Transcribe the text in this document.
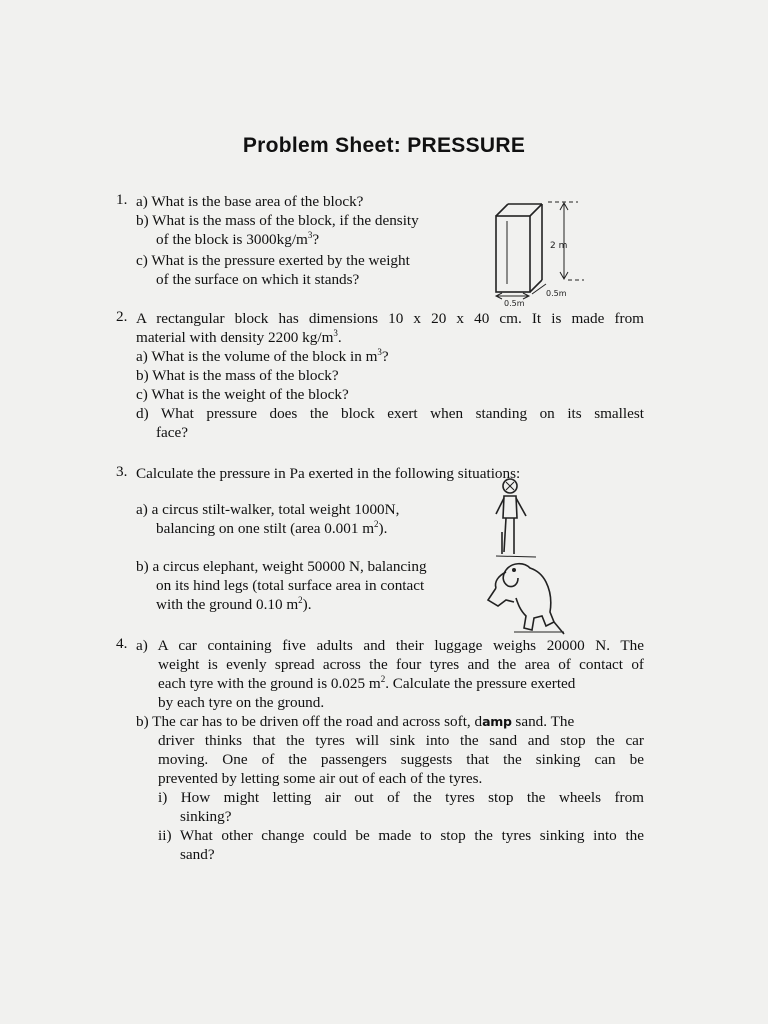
Problem Sheet: PRESSURE
1. a) What is the base area of the block?
b) What is the mass of the block, if the density
of the block is $3000kg/m^3$?
c) What is the pressure exerted by the weight
of the surface on which it stands?
2 m
0.5m
0.5m
2. A rectangular block has dimensions 10 x 20 x 40 cm. It is made from
material with density 2200 $kg/m^3$.
a) What is the volume of the block in $m^3$?
b) What is the mass of the block?
c) What is the weight of the block?
d) What pressure does the block exert when standing on its smallest
face?
3. Calculate the pressure in Pa exerted in the following situations:
a) a circus stilt-walker, total weight 1000N,
balancing on one stilt (area 0.001 $m^2$).
b) a circus elephant, weight 50000 N, balancing
on its hind legs (total surface area in contact
with the ground 0.10 $m^2$).
4. a) A car containing five adults and their luggage weighs 20000 N. The
weight is evenly spread across the four tyres and the area of contact of
each tyre with the ground is 0.025 $m^2$. Calculate the pressure exerted
by each tyre on the ground.
b) The car has to be driven off the road and across soft, damp sand. The
driver thinks that the tyres will sink into the sand and stop the car
moving. One of the passengers suggests that the sinking can be
prevented by letting some air out of each of the tyres.
i) How might letting air out of the tyres stop the wheels from
sinking?
ii) What other change could be made to stop the tyres sinking into the
sand?
